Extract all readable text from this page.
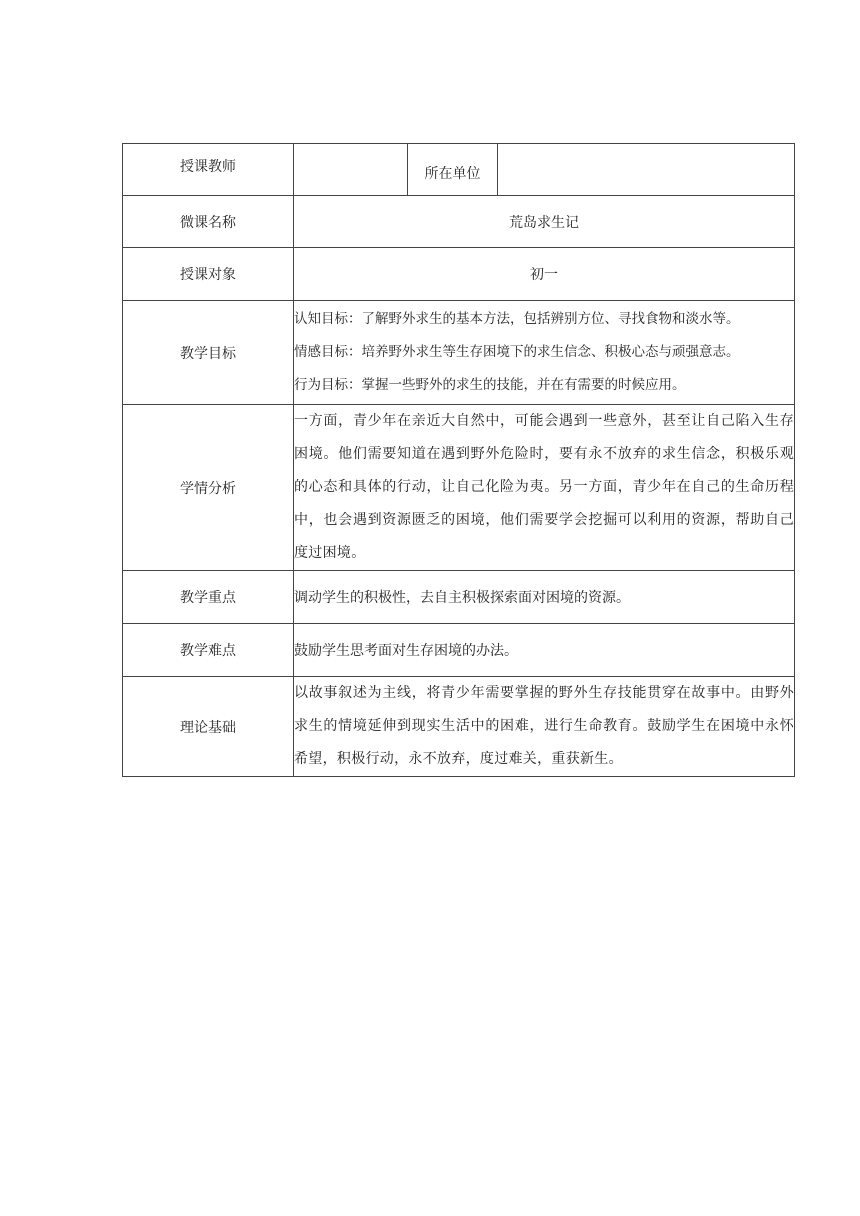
授课教师		所在单位	
微课名称	荒岛求生记		
授课对象	初一		
教学目标	认知目标：了解野外求生的基本方法，包括辨别方位、寻找食物和淡水等。
情感目标：培养野外求生等生存困境下的求生信念、积极心态与顽强意志。
行为目标：掌握一些野外的求生的技能，并在有需要的时候应用。		

学情分析	一方面，青少年在亲近大自然中，可能会遇到一些意外，甚至让自己陷入生存困境。他们需要知道在遇到野外危险时，要有永不放弃的求生信念，积极乐观的心态和具体的行动，让自己化险为夷。另一方面，青少年在自己的生命历程中，也会遇到资源匮乏的困境，他们需要学会挖掘可以利用的资源，帮助自己度过困境。		
教学重点	调动学生的积极性，去自主积极探索面对困境的资源。		
教学难点	鼓励学生思考面对生存困境的办法。		
理论基础	以故事叙述为主线，将青少年需要掌握的野外生存技能贯穿在故事中。由野外求生的情境延伸到现实生活中的困难，进行生命教育。鼓励学生在困境中永怀希望，积极行动，永不放弃，度过难关，重获新生。		
